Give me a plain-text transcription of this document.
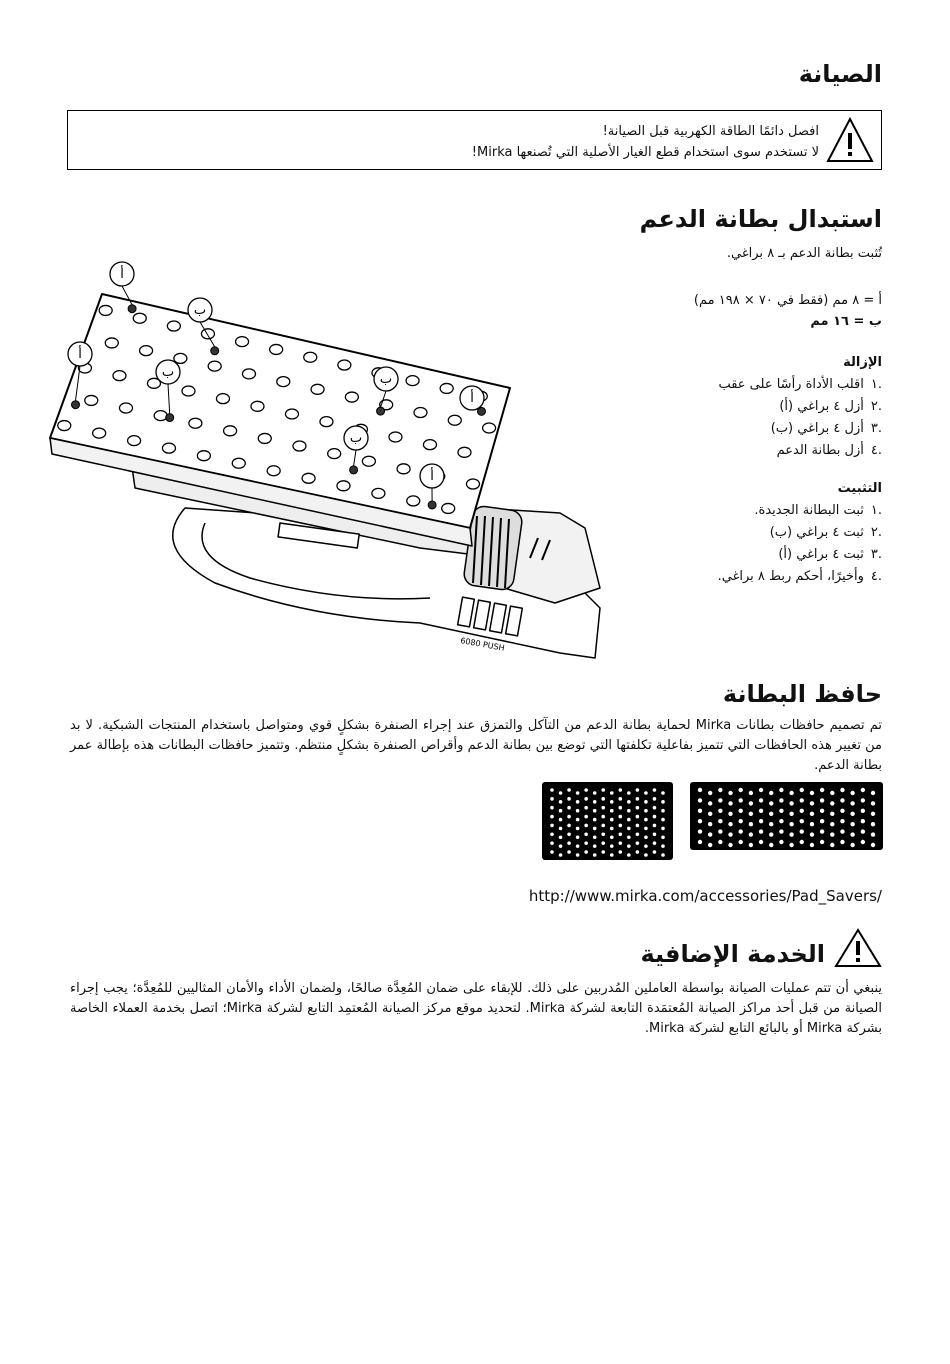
الصيانة
افصل دائمًا الطاقة الكهربية قبل الصيانة!
لا تستخدم سوى استخدام قطع الغيار الأصلية التي تُصنعها Mirka!
استبدال بطانة الدعم
تُثبت بطانة الدعم بـ ٨ براغي.
أ = ٨ مم (فقط في ٧٠ × ١٩٨ مم)
ب = ١٦ مم
الإزالة
.١ اقلب الأداة رأسًا على عقب
.٢ أزل ٤ براغي (أ)
.٣ أزل ٤ براغي (ب)
.٤ أزل بطانة الدعم
التثبيت
.١ ثبت البطانة الجديدة.
.٢ ثبت ٤ براغي (ب)
.٣ ثبت ٤ براغي (أ)
.٤ وأخيرًا، أحكم ربط ٨ براغي.
6080 PUSH
أ
أ
أ
أ
ب
ب	ب
ب
حافظ البطانة
تم تصميم حافظات بطانات Mirka لحماية بطانة الدعم من التآكل والتمزق عند إجراء الصنفرة بشكلٍ قوي ومتواصل باستخدام المنتجات الشبكية. لا بد من تغيير هذه الحافظات التي تتميز بفاعلية تكلفتها التي توضع بين بطانة الدعم وأقراص الصنفرة بشكلٍ منتظم. وتتميز حافظات البطانات هذه بإطالة عمر بطانة الدعم.
http://www.mirka.com/accessories/Pad_Savers/
الخدمة الإضافية
ينبغي أن تتم عمليات الصيانة بواسطة العاملين المُدربين على ذلك. للإبقاء على ضمان المُعِدَّة صالحًا، ولضمان الأداء والأمان المثاليين للمُعِدَّة؛ يجب إجراء الصيانة من قبل أحد مراكز الصيانة المُعتمَدة التابعة لشركة Mirka. لتحديد موقع مركز الصيانة المُعتمِد التابع لشركة Mirka؛ اتصل بخدمة العملاء الخاصة بشركة Mirka أو بالبائع التابع لشركة Mirka.
